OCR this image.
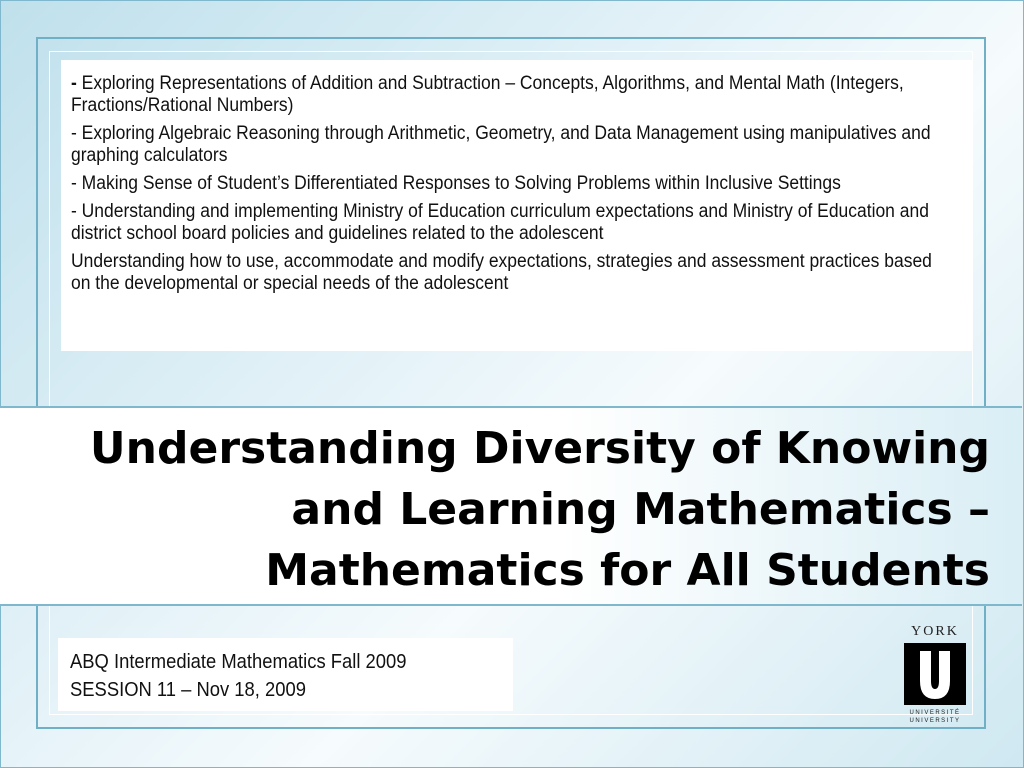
- Exploring Representations of Addition and Subtraction – Concepts, Algorithms, and Mental Math (Integers, Fractions/Rational Numbers)
- Exploring Algebraic Reasoning through Arithmetic, Geometry, and Data Management using manipulatives and graphing calculators
- Making Sense of Student’s Differentiated Responses to Solving Problems within Inclusive Settings
- Understanding and implementing Ministry of Education curriculum expectations and Ministry of Education and district school board policies and guidelines related to the adolescent
Understanding how to use, accommodate and modify expectations, strategies and assessment practices based on the developmental or special needs of the adolescent
Understanding Diversity of Knowing
and Learning Mathematics –
Mathematics for All Students
ABQ Intermediate Mathematics Fall 2009
SESSION 11 – Nov 18, 2009
YORK
UNIVERSITÉ
UNIVERSITY
